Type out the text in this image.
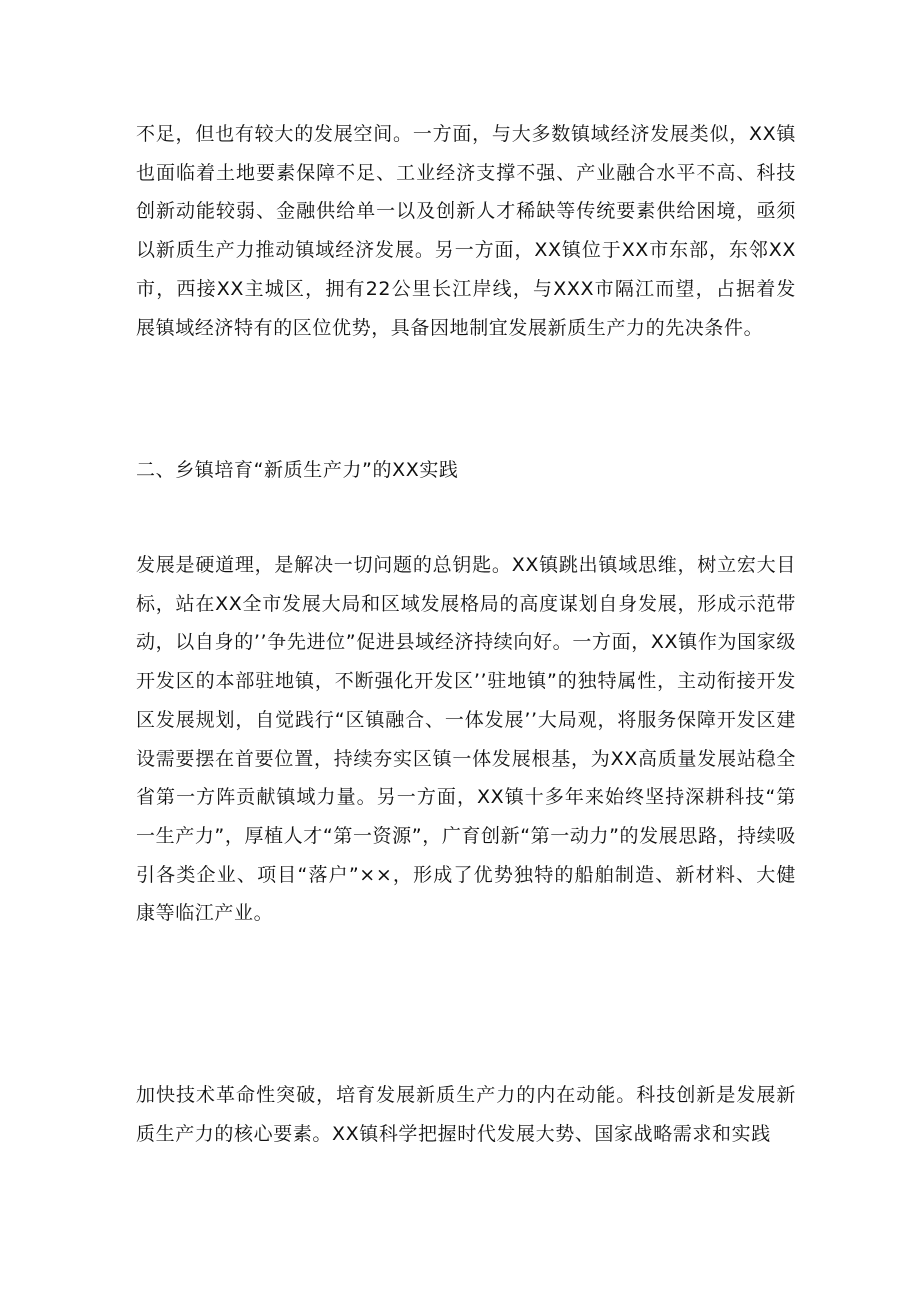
不足，但也有较大的发展空间。一方面，与大多数镇域经济发展类似，XX镇也面临着土地要素保障不足、工业经济支撑不强、产业融合水平不高、科技创新动能较弱、金融供给单一以及创新人才稀缺等传统要素供给困境，亟须以新质生产力推动镇域经济发展。另一方面，XX镇位于XX市东部，东邻XX市，西接XX主城区，拥有22公里长江岸线，与XXX市隔江而望，占据着发展镇域经济特有的区位优势，具备因地制宜发展新质生产力的先决条件。

二、乡镇培育“新质生产力”的XX实践

发展是硬道理，是解决一切问题的总钥匙。XX镇跳出镇域思维，树立宏大目标，站在XX全市发展大局和区域发展格局的高度谋划自身发展，形成示范带动，以自身的’’争先进位”促进县域经济持续向好。一方面，XX镇作为国家级开发区的本部驻地镇，不断强化开发区’’驻地镇”的独特属性，主动衔接开发区发展规划，自觉践行“区镇融合、一体发展’’大局观，将服务保障开发区建设需要摆在首要位置，持续夯实区镇一体发展根基，为XX高质量发展站稳全省第一方阵贡献镇域力量。另一方面，XX镇十多年来始终坚持深耕科技“第一生产力”，厚植人才“第一资源”，广育创新“第一动力”的发展思路，持续吸引各类企业、项目“落户”××，形成了优势独特的船舶制造、新材料、大健康等临江产业。

加快技术革命性突破，培育发展新质生产力的内在动能。科技创新是发展新质生产力的核心要素。XX镇科学把握时代发展大势、国家战略需求和实践
